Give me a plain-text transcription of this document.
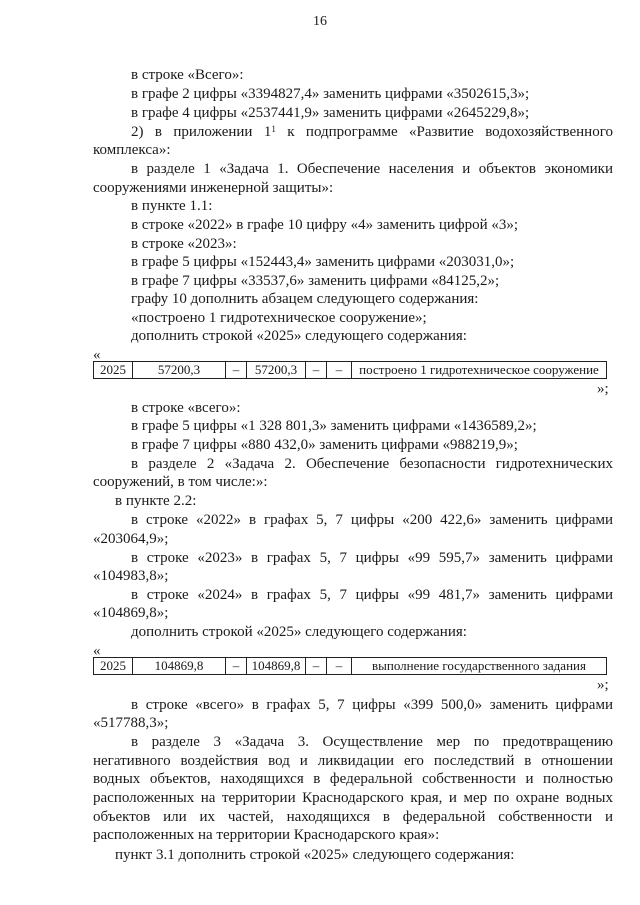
16
в строке «Всего»:
в графе 2 цифры «3394827,4» заменить цифрами «3502615,3»;
в графе 4 цифры «2537441,9» заменить цифрами «2645229,8»;
2) в приложении $1^1$ к подпрограмме «Развитие водохозяйственного
комплекса»:
в разделе 1 «Задача 1. Обеспечение населения и объектов экономики
сооружениями инженерной защиты»:
в пункте 1.1:
в строке «2022» в графе 10 цифру «4» заменить цифрой «3»;
в строке «2023»:
в графе 5 цифры «152443,4» заменить цифрами «203031,0»;
в графе 7 цифры «33537,6» заменить цифрами «84125,2»;
графу 10 дополнить абзацем следующего содержания:
«построено 1 гидротехническое сооружение»;
дополнить строкой «2025» следующего содержания:
«
2025	57200,3	–	57200,3	–	–	построено 1 гидротехническое сооружение
»;
в строке «всего»:
в графе 5 цифры «1 328 801,3» заменить цифрами «1436589,2»;
в графе 7 цифры «880 432,0» заменить цифрами «988219,9»;
в разделе 2 «Задача 2. Обеспечение безопасности гидротехнических
сооружений, в том числе:»:
в пункте 2.2:
в строке «2022» в графах 5, 7 цифры «200 422,6» заменить цифрами
«203064,9»;
в строке «2023» в графах 5, 7 цифры «99 595,7» заменить цифрами
«104983,8»;
в строке «2024» в графах 5, 7 цифры «99 481,7» заменить цифрами
«104869,8»;
дополнить строкой «2025» следующего содержания:
«
2025	104869,8	–	104869,8	–	–	выполнение государственного задания
»;
в строке «всего» в графах 5, 7 цифры «399 500,0» заменить цифрами
«517788,3»;
в разделе 3 «Задача 3. Осуществление мер по предотвращению
негативного воздействия вод и ликвидации его последствий в отношении
водных объектов, находящихся в федеральной собственности и полностью
расположенных на территории Краснодарского края, и мер по охране водных
объектов или их частей, находящихся в федеральной собственности и
расположенных на территории Краснодарского края»:
пункт 3.1 дополнить строкой «2025» следующего содержания:
